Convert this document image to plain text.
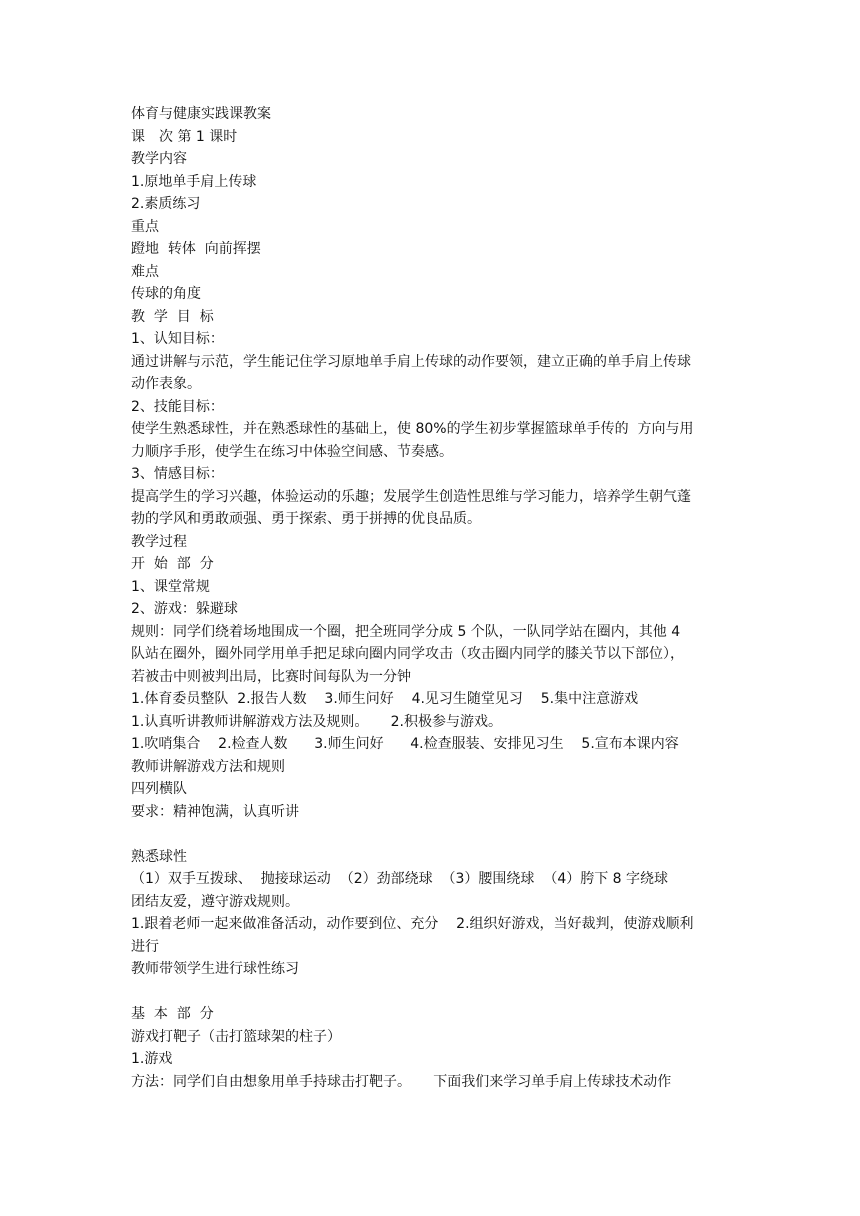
体育与健康实践课教案
课　次 第 1 课时
教学内容
1.原地单手肩上传球
2.素质练习
重点
蹬地  转体  向前挥摆
难点
传球的角度
教  学  目  标
1、认知目标：
通过讲解与示范，学生能记住学习原地单手肩上传球的动作要领，建立正确的单手肩上传球
动作表象。
2、技能目标：
使学生熟悉球性，并在熟悉球性的基础上，使 80%的学生初步掌握篮球单手传的  方向与用
力顺序手形，使学生在练习中体验空间感、节奏感。
3、情感目标：
提高学生的学习兴趣，体验运动的乐趣；发展学生创造性思维与学习能力，培养学生朝气蓬
勃的学风和勇敢顽强、勇于探索、勇于拼搏的优良品质。
教学过程
开  始  部  分
1、课堂常规
2、游戏：躲避球
规则：同学们绕着场地围成一个圈，把全班同学分成 5 个队，一队同学站在圈内，其他 4
队站在圈外，圈外同学用单手把足球向圈内同学攻击（攻击圈内同学的膝关节以下部位），
若被击中则被判出局，比赛时间每队为一分钟
1.体育委员整队  2.报告人数    3.师生问好    4.见习生随堂见习    5.集中注意游戏
1.认真听讲教师讲解游戏方法及规则。     2.积极参与游戏。
1.吹哨集合    2.检查人数      3.师生问好      4.检查服装、安排见习生    5.宣布本课内容
教师讲解游戏方法和规则
四列横队
要求：精神饱满，认真听讲
熟悉球性
（1）双手互拨球、  抛接球运动  （2）劲部绕球  （3）腰围绕球  （4）胯下 8 字绕球
团结友爱，遵守游戏规则。
1.跟着老师一起来做准备活动，动作要到位、充分    2.组织好游戏，当好裁判，使游戏顺利
进行
教师带领学生进行球性练习
基  本  部  分
游戏打靶子（击打篮球架的柱子）
1.游戏
方法：同学们自由想象用单手持球击打靶子。     下面我们来学习单手肩上传球技术动作
